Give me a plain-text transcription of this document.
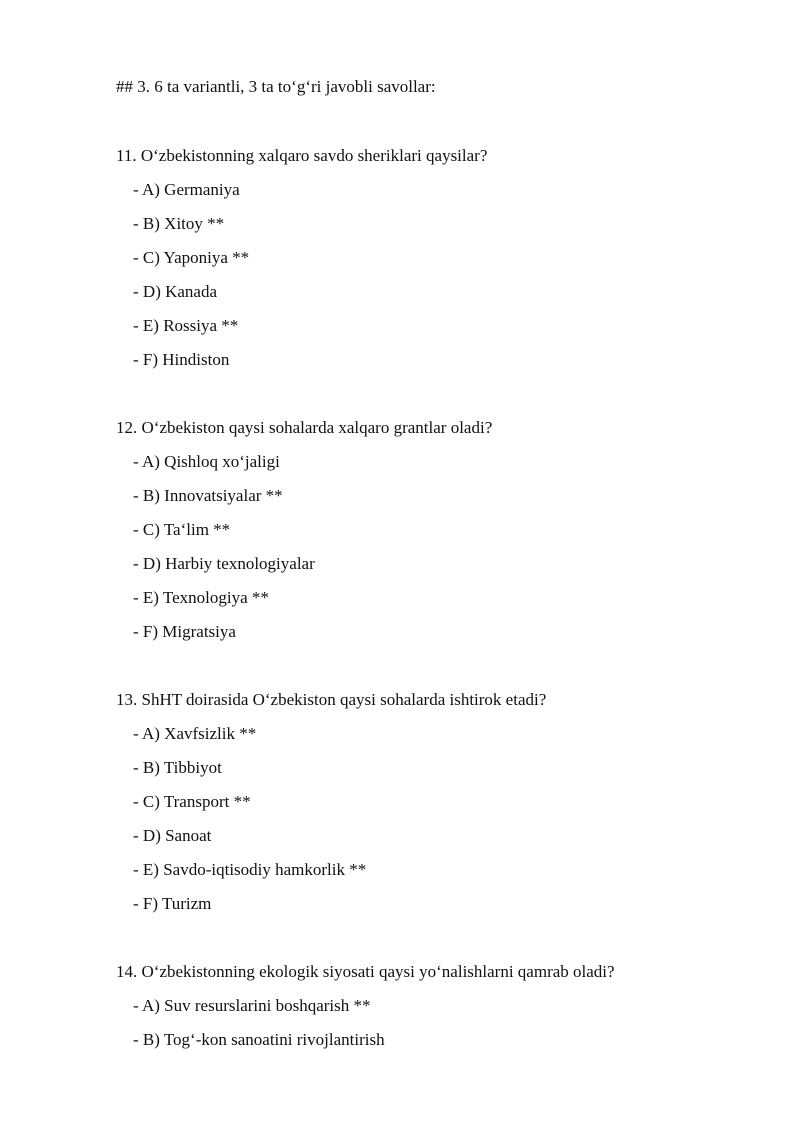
## 3. 6 ta variantli, 3 ta to‘g‘ri javobli savollar:
11. O‘zbekistonning xalqaro savdo sheriklari qaysilar?
- A) Germaniya
- B) Xitoy **
- C) Yaponiya **
- D) Kanada
- E) Rossiya **
- F) Hindiston
12. O‘zbekiston qaysi sohalarda xalqaro grantlar oladi?
- A) Qishloq xo‘jaligi
- B) Innovatsiyalar **
- C) Ta‘lim **
- D) Harbiy texnologiyalar
- E) Texnologiya **
- F) Migratsiya
13. ShHT doirasida O‘zbekiston qaysi sohalarda ishtirok etadi?
- A) Xavfsizlik **
- B) Tibbiyot
- C) Transport **
- D) Sanoat
- E) Savdo-iqtisodiy hamkorlik **
- F) Turizm
14. O‘zbekistonning ekologik siyosati qaysi yo‘nalishlarni qamrab oladi?
- A) Suv resurslarini boshqarish **
- B) Tog‘-kon sanoatini rivojlantirish
